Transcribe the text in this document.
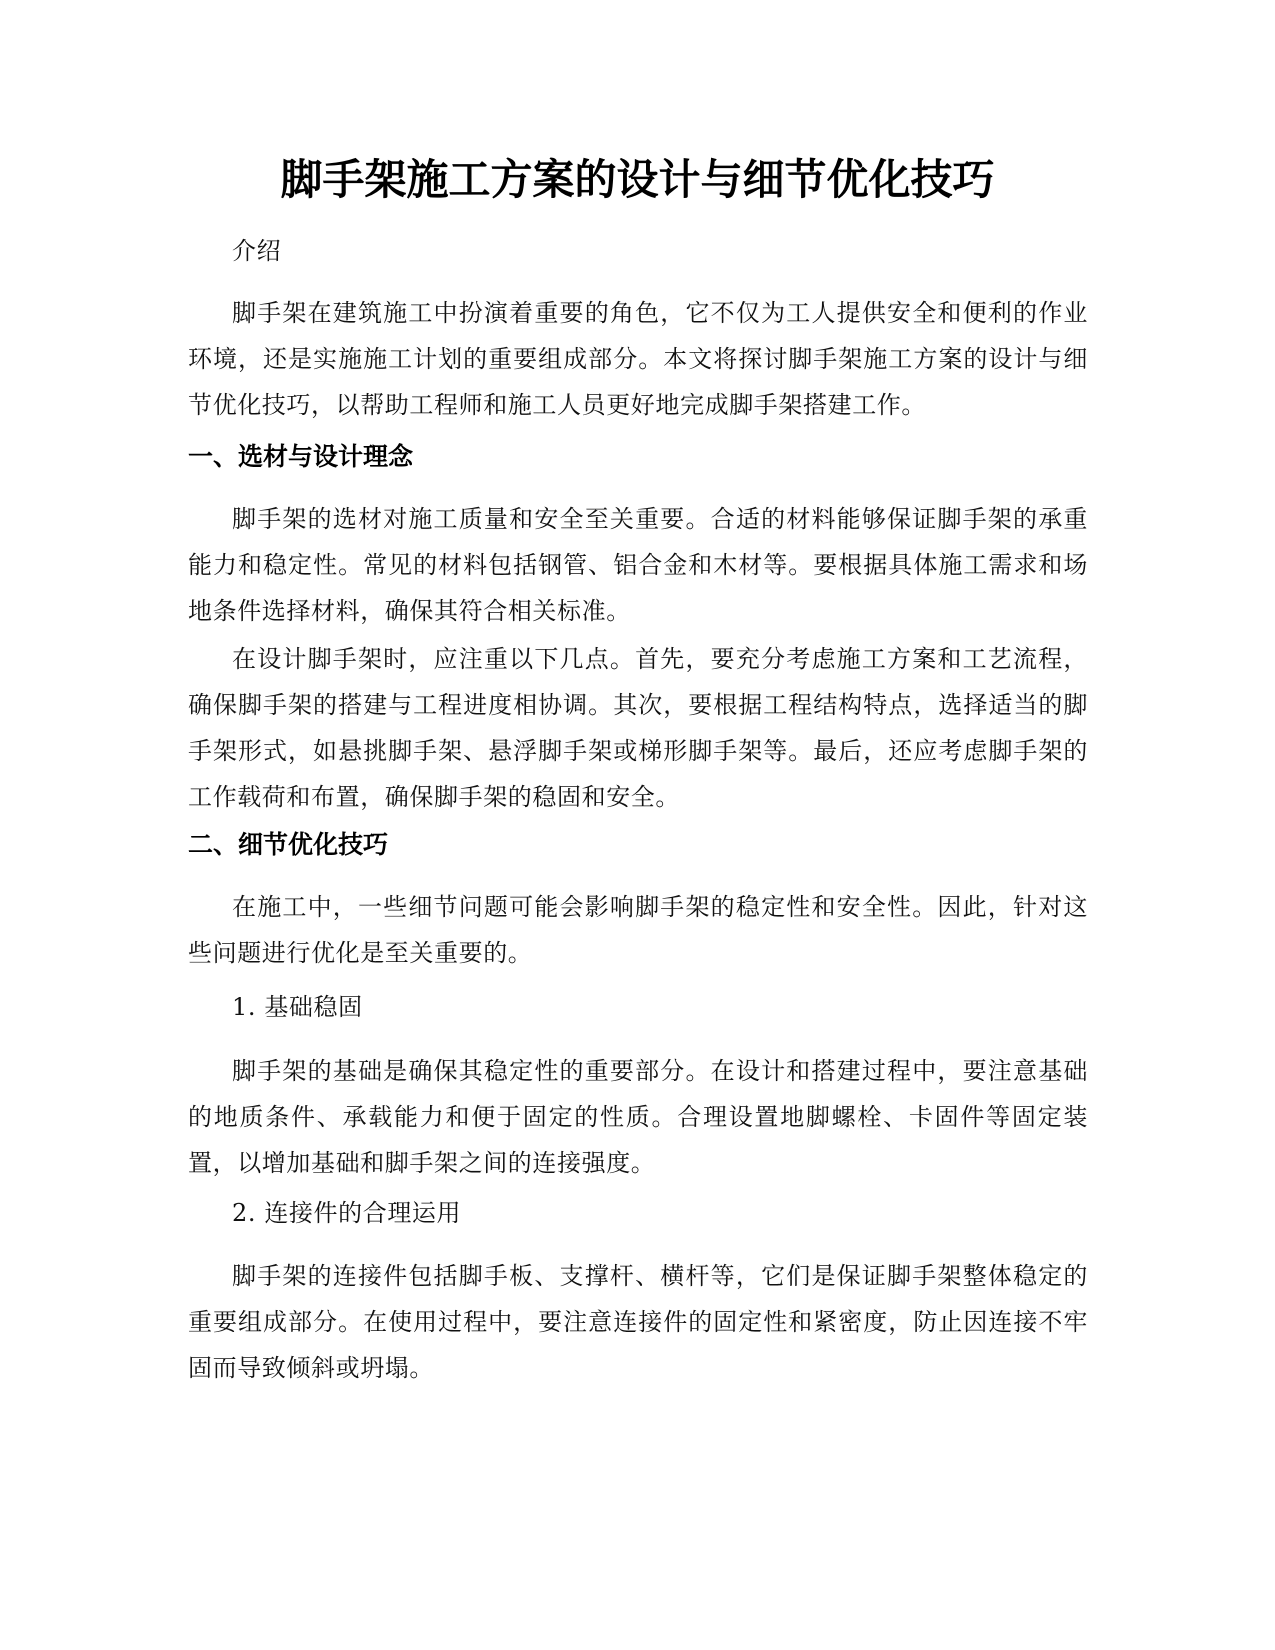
脚手架施工方案的设计与细节优化技巧

介绍

脚手架在建筑施工中扮演着重要的角色，它不仅为工人提供安全和便利的作业环境，还是实施施工计划的重要组成部分。本文将探讨脚手架施工方案的设计与细节优化技巧，以帮助工程师和施工人员更好地完成脚手架搭建工作。

一、选材与设计理念

脚手架的选材对施工质量和安全至关重要。合适的材料能够保证脚手架的承重能力和稳定性。常见的材料包括钢管、铝合金和木材等。要根据具体施工需求和场地条件选择材料，确保其符合相关标准。

在设计脚手架时，应注重以下几点。首先，要充分考虑施工方案和工艺流程，确保脚手架的搭建与工程进度相协调。其次，要根据工程结构特点，选择适当的脚手架形式，如悬挑脚手架、悬浮脚手架或梯形脚手架等。最后，还应考虑脚手架的工作载荷和布置，确保脚手架的稳固和安全。

二、细节优化技巧

在施工中，一些细节问题可能会影响脚手架的稳定性和安全性。因此，针对这些问题进行优化是至关重要的。

1. 基础稳固

脚手架的基础是确保其稳定性的重要部分。在设计和搭建过程中，要注意基础的地质条件、承载能力和便于固定的性质。合理设置地脚螺栓、卡固件等固定装置，以增加基础和脚手架之间的连接强度。

2. 连接件的合理运用

脚手架的连接件包括脚手板、支撑杆、横杆等，它们是保证脚手架整体稳定的重要组成部分。在使用过程中，要注意连接件的固定性和紧密度，防止因连接不牢固而导致倾斜或坍塌。
